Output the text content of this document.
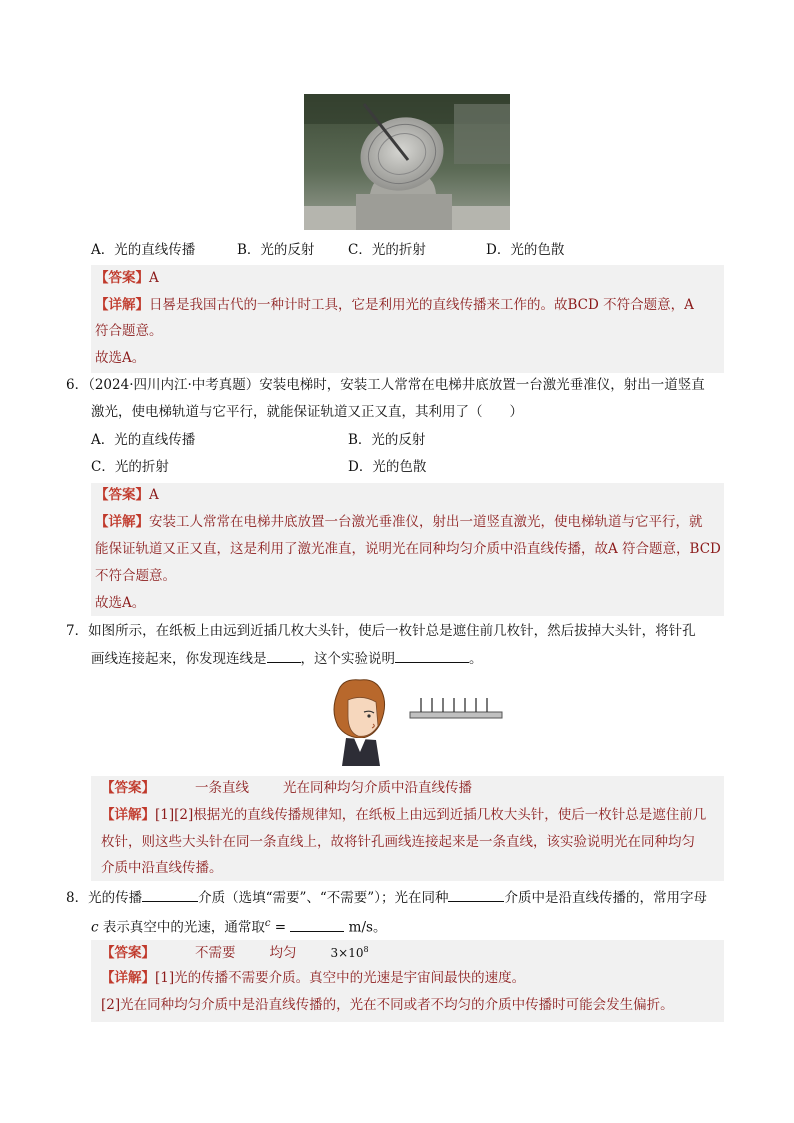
A．光的直线传播	B．光的反射 C．光的折射	D．光的色散
【答案】A
【详解】日晷是我国古代的一种计时工具，它是利用光的直线传播来工作的。故BCD 不符合题意，A
符合题意。
故选A。
6．（2024·四川内江·中考真题）安装电梯时，安装工人常常在电梯井底放置一台激光垂准仪，射出一道竖直
激光，使电梯轨道与它平行，就能保证轨道又正又直，其利用了（　　）
A．光的直线传播	B．光的反射
C．光的折射	D．光的色散
【答案】A
【详解】安装工人常常在电梯井底放置一台激光垂准仪，射出一道竖直激光，使电梯轨道与它平行，就
能保证轨道又正又直，这是利用了激光准直，说明光在同种均匀介质中沿直线传播，故A 符合题意，BCD
不符合题意。
故选A。
7．如图所示，在纸板上由远到近插几枚大头针，使后一枚针总是遮住前几枚针，然后拔掉大头针，将针孔
画线连接起来，你发现连线是	，这个实验说明	。
【答案】	一条直线	光在同种均匀介质中沿直线传播
【详解】[1][2]根据光的直线传播规律知，在纸板上由远到近插几枚大头针，使后一枚针总是遮住前几
枚针，则这些大头针在同一条直线上，故将针孔画线连接起来是一条直线，该实验说明光在同种均匀
介质中沿直线传播。
8．光的传播	介质（选填“需要”、“不需要”）；光在同种	介质中是沿直线传播的，常用字母
c 表示真空中的光速，通常取$^c$ =	m/s。
【答案】	不需要	均匀	$3\times 10^8$
【详解】[1]光的传播不需要介质。真空中的光速是宇宙间最快的速度。
[2]光在同种均匀介质中是沿直线传播的，光在不同或者不均匀的介质中传播时可能会发生偏折。
